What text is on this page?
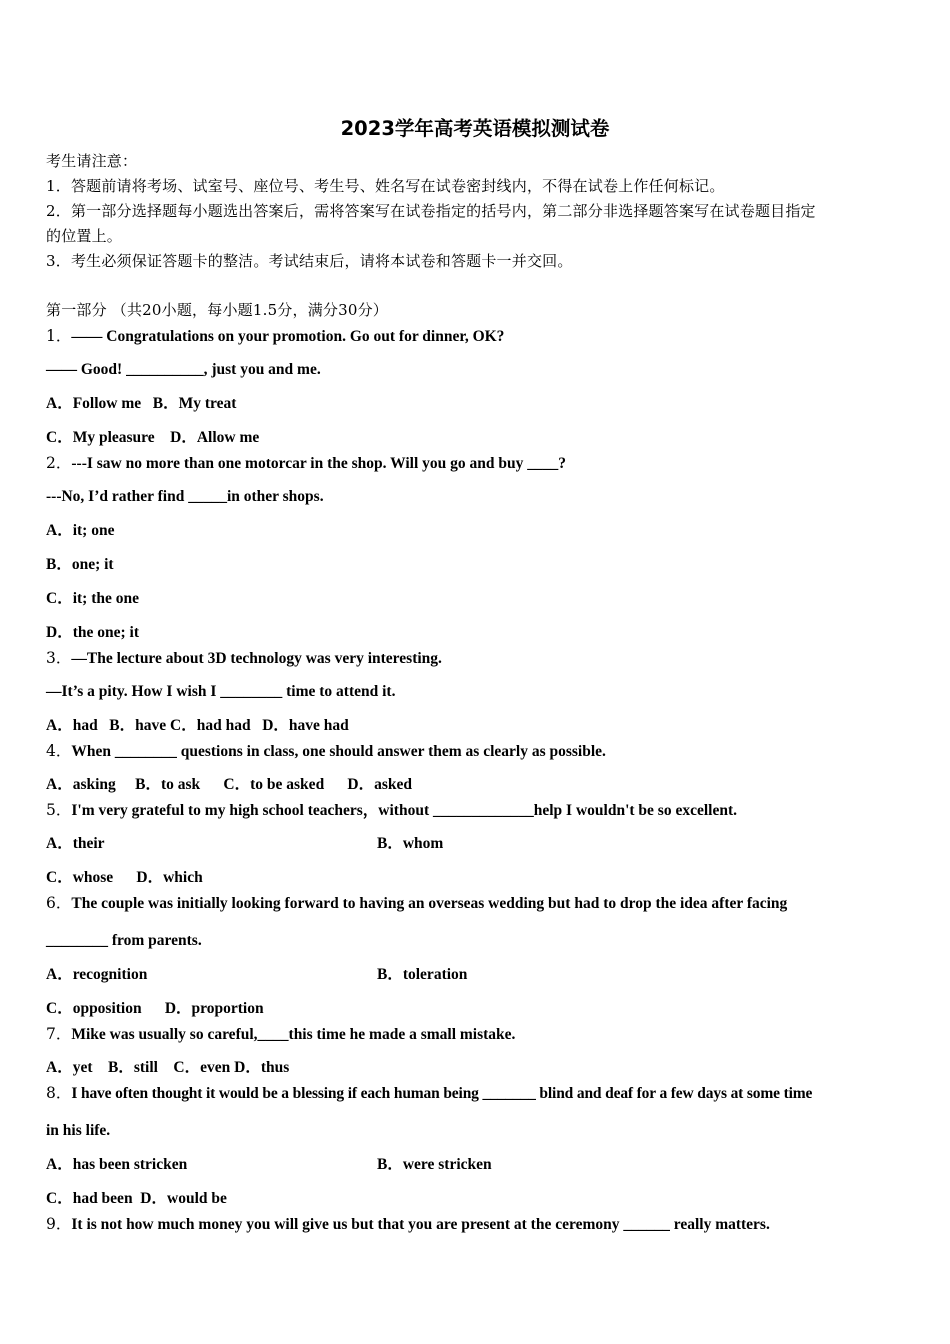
2023学年高考英语模拟测试卷
考生请注意：
1．答题前请将考场、试室号、座位号、考生号、姓名写在试卷密封线内，不得在试卷上作任何标记。
2．第一部分选择题每小题选出答案后，需将答案写在试卷指定的括号内，第二部分非选择题答案写在试卷题目指定
的位置上。
3．考生必须保证答题卡的整洁。考试结束后，请将本试卷和答题卡一并交回。
第一部分 （共20小题，每小题1.5分，满分30分）
1．—— Congratulations on your promotion. Go out for dinner, OK?
—— Good! __________, just you and me.
A．Follow me B．My treat
C．My pleasure D．Allow me
2．---I saw no more than one motorcar in the shop. Will you go and buy ____?
---No, I’d rather find _____in other shops.
A．it; one
B．one; it
C．it; the one
D．the one; it
3．—The lecture about 3D technology was very interesting.
—It’s a pity. How I wish I ________ time to attend it.
A．had   B．have C．had had   D．have had
4．When ________ questions in class, one should answer them as clearly as possible.
A．asking     B．to ask      C．to be asked      D．asked
5．I'm very grateful to my high school teachers，without _____________help I wouldn't be so excellent.
A．their	B．whom
C．whose      D．which
6．The couple was initially looking forward to having an overseas wedding but had to drop the idea after facing
________ from parents.
A．recognition	B．toleration
C．opposition      D．proportion
7．Mike was usually so careful,____this time he made a small mistake.
A．yet    B．still    C．even D．thus
8．I have often thought it would be a blessing if each human being _______ blind and deaf for a few days at some time
in his life.
A．has been stricken	B．were stricken
C．had been  D．would be
9．It is not how much money you will give us but that you are present at the ceremony ______ really matters.
